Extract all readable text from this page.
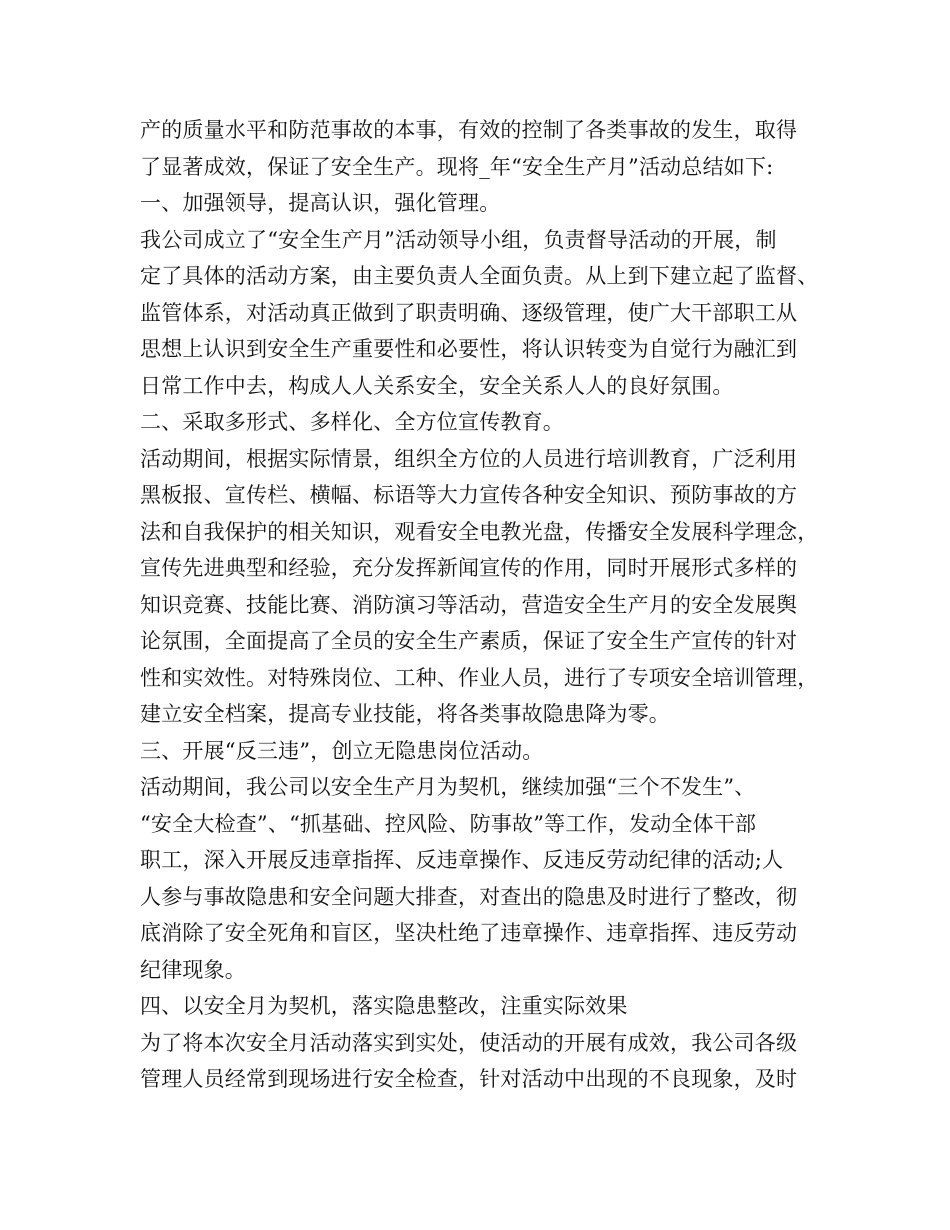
产的质量水平和防范事故的本事，有效的控制了各类事故的发生，取得
了显著成效，保证了安全生产。现将_年“安全生产月”活动总结如下:
一、加强领导，提高认识，强化管理。
我公司成立了“安全生产月”活动领导小组，负责督导活动的开展，制
定了具体的活动方案，由主要负责人全面负责。从上到下建立起了监督、
监管体系，对活动真正做到了职责明确、逐级管理，使广大干部职工从
思想上认识到安全生产重要性和必要性，将认识转变为自觉行为融汇到
日常工作中去，构成人人关系安全，安全关系人人的良好氛围。
二、采取多形式、多样化、全方位宣传教育。
活动期间，根据实际情景，组织全方位的人员进行培训教育，广泛利用
黑板报、宣传栏、横幅、标语等大力宣传各种安全知识、预防事故的方
法和自我保护的相关知识，观看安全电教光盘，传播安全发展科学理念，
宣传先进典型和经验，充分发挥新闻宣传的作用，同时开展形式多样的
知识竞赛、技能比赛、消防演习等活动，营造安全生产月的安全发展舆
论氛围，全面提高了全员的安全生产素质，保证了安全生产宣传的针对
性和实效性。对特殊岗位、工种、作业人员，进行了专项安全培训管理，
建立安全档案，提高专业技能，将各类事故隐患降为零。
三、开展“反三违”，创立无隐患岗位活动。
活动期间，我公司以安全生产月为契机，继续加强“三个不发生”、
“安全大检查”、“抓基础、控风险、防事故”等工作，发动全体干部
职工，深入开展反违章指挥、反违章操作、反违反劳动纪律的活动;人
人参与事故隐患和安全问题大排查，对查出的隐患及时进行了整改，彻
底消除了安全死角和盲区，坚决杜绝了违章操作、违章指挥、违反劳动
纪律现象。
四、以安全月为契机，落实隐患整改，注重实际效果
为了将本次安全月活动落实到实处，使活动的开展有成效，我公司各级
管理人员经常到现场进行安全检查，针对活动中出现的不良现象，及时
